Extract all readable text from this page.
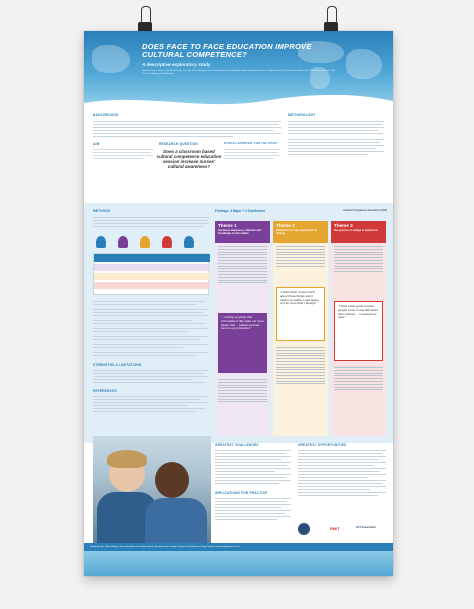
DOES FACE TO FACE EDUCATION IMPROVE CULTURAL COMPETENCE?
A descriptive exploratory study
Authors: Marcia Jessen, RN BN, MN; Ann Lee, RN, MN, Education Staff Development Unit, Goldberg Health and Health Services. Kaye Dalton, PhD, MN; Fiona Walton, RN, PhD, Sharon Gillam, PhD, School of Nursing and Midwifery
BACKGROUND	METHODOLOGY
AIM	RESEARCH QUESTION	ETHICAL APPROVAL FOR THE STUDY
Does a classroom based cultural competence education session increase nurses' cultural awareness?
METHODS
STRENGTHS & LIMITATIONS
REFERENCES
Findings: 3 Major + 3 Subthemes	Cultural Competence Education (CCE)
Theme 1
Increased awareness, reflection and knowledge of own culture
"...looking at giving that information it did make me more aware that ... patient-centred care is very important."
Theme 2
Reflections on own experiences of training
"I didn't think I knew much about those things and it made me realise I was aware of a lot more than I thought."
Theme 3
The process of change in experience
"I think it was good to have people come in and talk about their cultures ... it opened my eyes."
GREATEST CHALLENGES
IMPLICATIONS FOR PRACTICE
GREATEST OPPORTUNITIES
RMIT	ACT Government
Design by Jane | Specialising in the presentation of scientific content | Academic poster design | Reports & Publications | Copy Design | www.designbyjane.com.au
